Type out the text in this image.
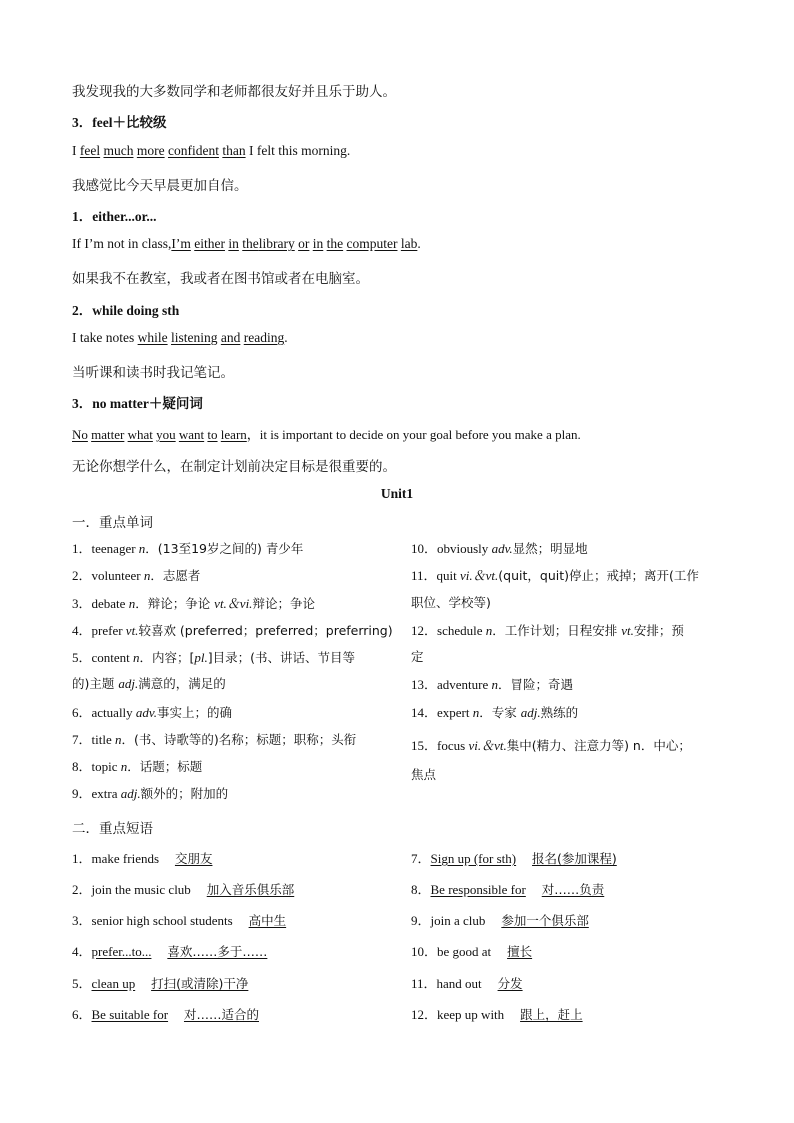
我发现我的大多数同学和老师都很友好并且乐于助人。
3．feel＋比较级
I feel much more confident than I felt this morning.
我感觉比今天早晨更加自信。
1．either...or...
If I’m not in class,I’m either in thelibrary or in the computer lab.
如果我不在教室，我或者在图书馆或者在电脑室。
2．while doing sth
I take notes while listening and reading.
当听课和读书时我记笔记。
3．no matter＋疑问词
No matter what you want to learn，it is important to decide on your goal before you make a plan.
无论你想学什么，在制定计划前决定目标是很重要的。
Unit1
一．重点单词
1．teenager n．(13至19岁之间的) 青少年
2．volunteer n．志愿者
3．debate n．辩论；争论 vt.＆vi.辩论；争论
4．prefer vt.较喜欢 (preferred；preferred；preferring)
5．content n．内容；[pl.]目录；(书、讲话、节目等
的)主题 adj.满意的，满足的
6．actually adv.事实上；的确
7．title n．(书、诗歌等的)名称；标题；职称；头衔
8．topic n．话题；标题
9．extra adj.额外的；附加的
10．obviously adv.显然；明显地
11．quit vi.＆vt.(quit，quit)停止；戒掉；离开(工作
职位、学校等)
12．schedule n．工作计划；日程安排 vt.安排；预
定
13．adventure n．冒险；奇遇
14．expert n．专家 adj.熟练的
15．focus vi.＆vt.集中(精力、注意力等) n．中心；
焦点
二．重点短语
1．make friends 交朋友
2．join the music club 加入音乐俱乐部
3．senior high school students 高中生
4．prefer...to... 喜欢……多于……
5．clean up 打扫(或清除)干净
6．Be suitable for 对……适合的
7．Sign up (for sth) 报名(参加课程)
8．Be responsible for 对……负责
9．join a club 参加一个俱乐部
10．be good at 擅长
11．hand out 分发
12．keep up with 跟上，赶上
